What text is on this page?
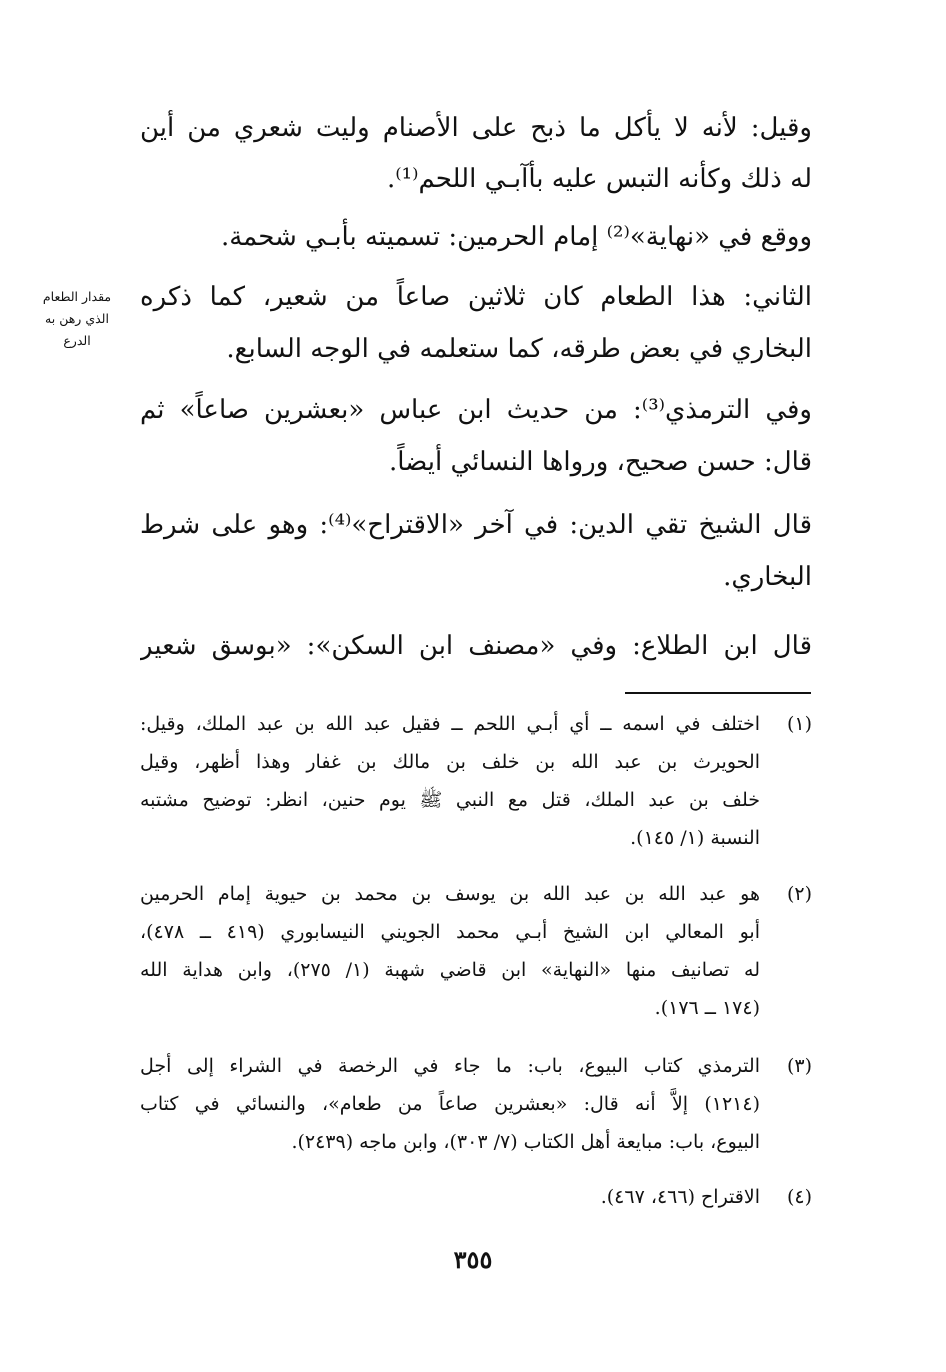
وقيل: لأنه لا يأكل ما ذبح على الأصنام وليت شعري من أين
له ذلك وكأنه التبس عليه بأآبـي اللحم⁽¹⁾.
ووقع في «نهاية»⁽²⁾ إمام الحرمين: تسميته بأبـي شحمة.
الثاني: هذا الطعام كان ثلاثين صاعاً من شعير، كما ذكره
البخاري في بعض طرقه، كما ستعلمه في الوجه السابع.
وفي الترمذي⁽³⁾: من حديث ابن عباس «بعشرين صاعاً» ثم
قال: حسن صحيح، ورواها النسائي أيضاً.
قال الشيخ تقي الدين: في آخر «الاقتراح»⁽⁴⁾: وهو على شرط
البخاري.
قال ابن الطلاع: وفي «مصنف ابن السكن»: «بوسق شعير
مقدار الطعام
الذي رهن به
الدرع
(١)
اختلف في اسمه ــ أي أبـي اللحم ــ فقيل عبد الله بن عبد الملك، وقيل:
الحويرث بن عبد الله بن خلف بن مالك بن غفار وهذا أظهر، وقيل
خلف بن عبد الملك، قتل مع النبي ﷺ يوم حنين، انظر: توضيح مشتبه
النسبة (١/ ١٤٥).
(٢)
هو عبد الله بن عبد الله بن يوسف بن محمد بن حيوية إمام الحرمين
أبو المعالي ابن الشيخ أبـي محمد الجويني النيسابوري (٤١٩ ــ ٤٧٨)،
له تصانيف منها «النهاية» ابن قاضي شهبة (١/ ٢٧٥)، وابن هداية الله
(١٧٤ ــ ١٧٦).
(٣)
الترمذي كتاب البيوع، باب: ما جاء في الرخصة في الشراء إلى أجل
(١٢١٤) إلاَّ أنه قال: «بعشرين صاعاً من طعام»، والنسائي في كتاب
البيوع، باب: مبايعة أهل الكتاب (٧/ ٣٠٣)، وابن ماجه (٢٤٣٩).
(٤)
الاقتراح (٤٦٦، ٤٦٧).
٣٥٥
